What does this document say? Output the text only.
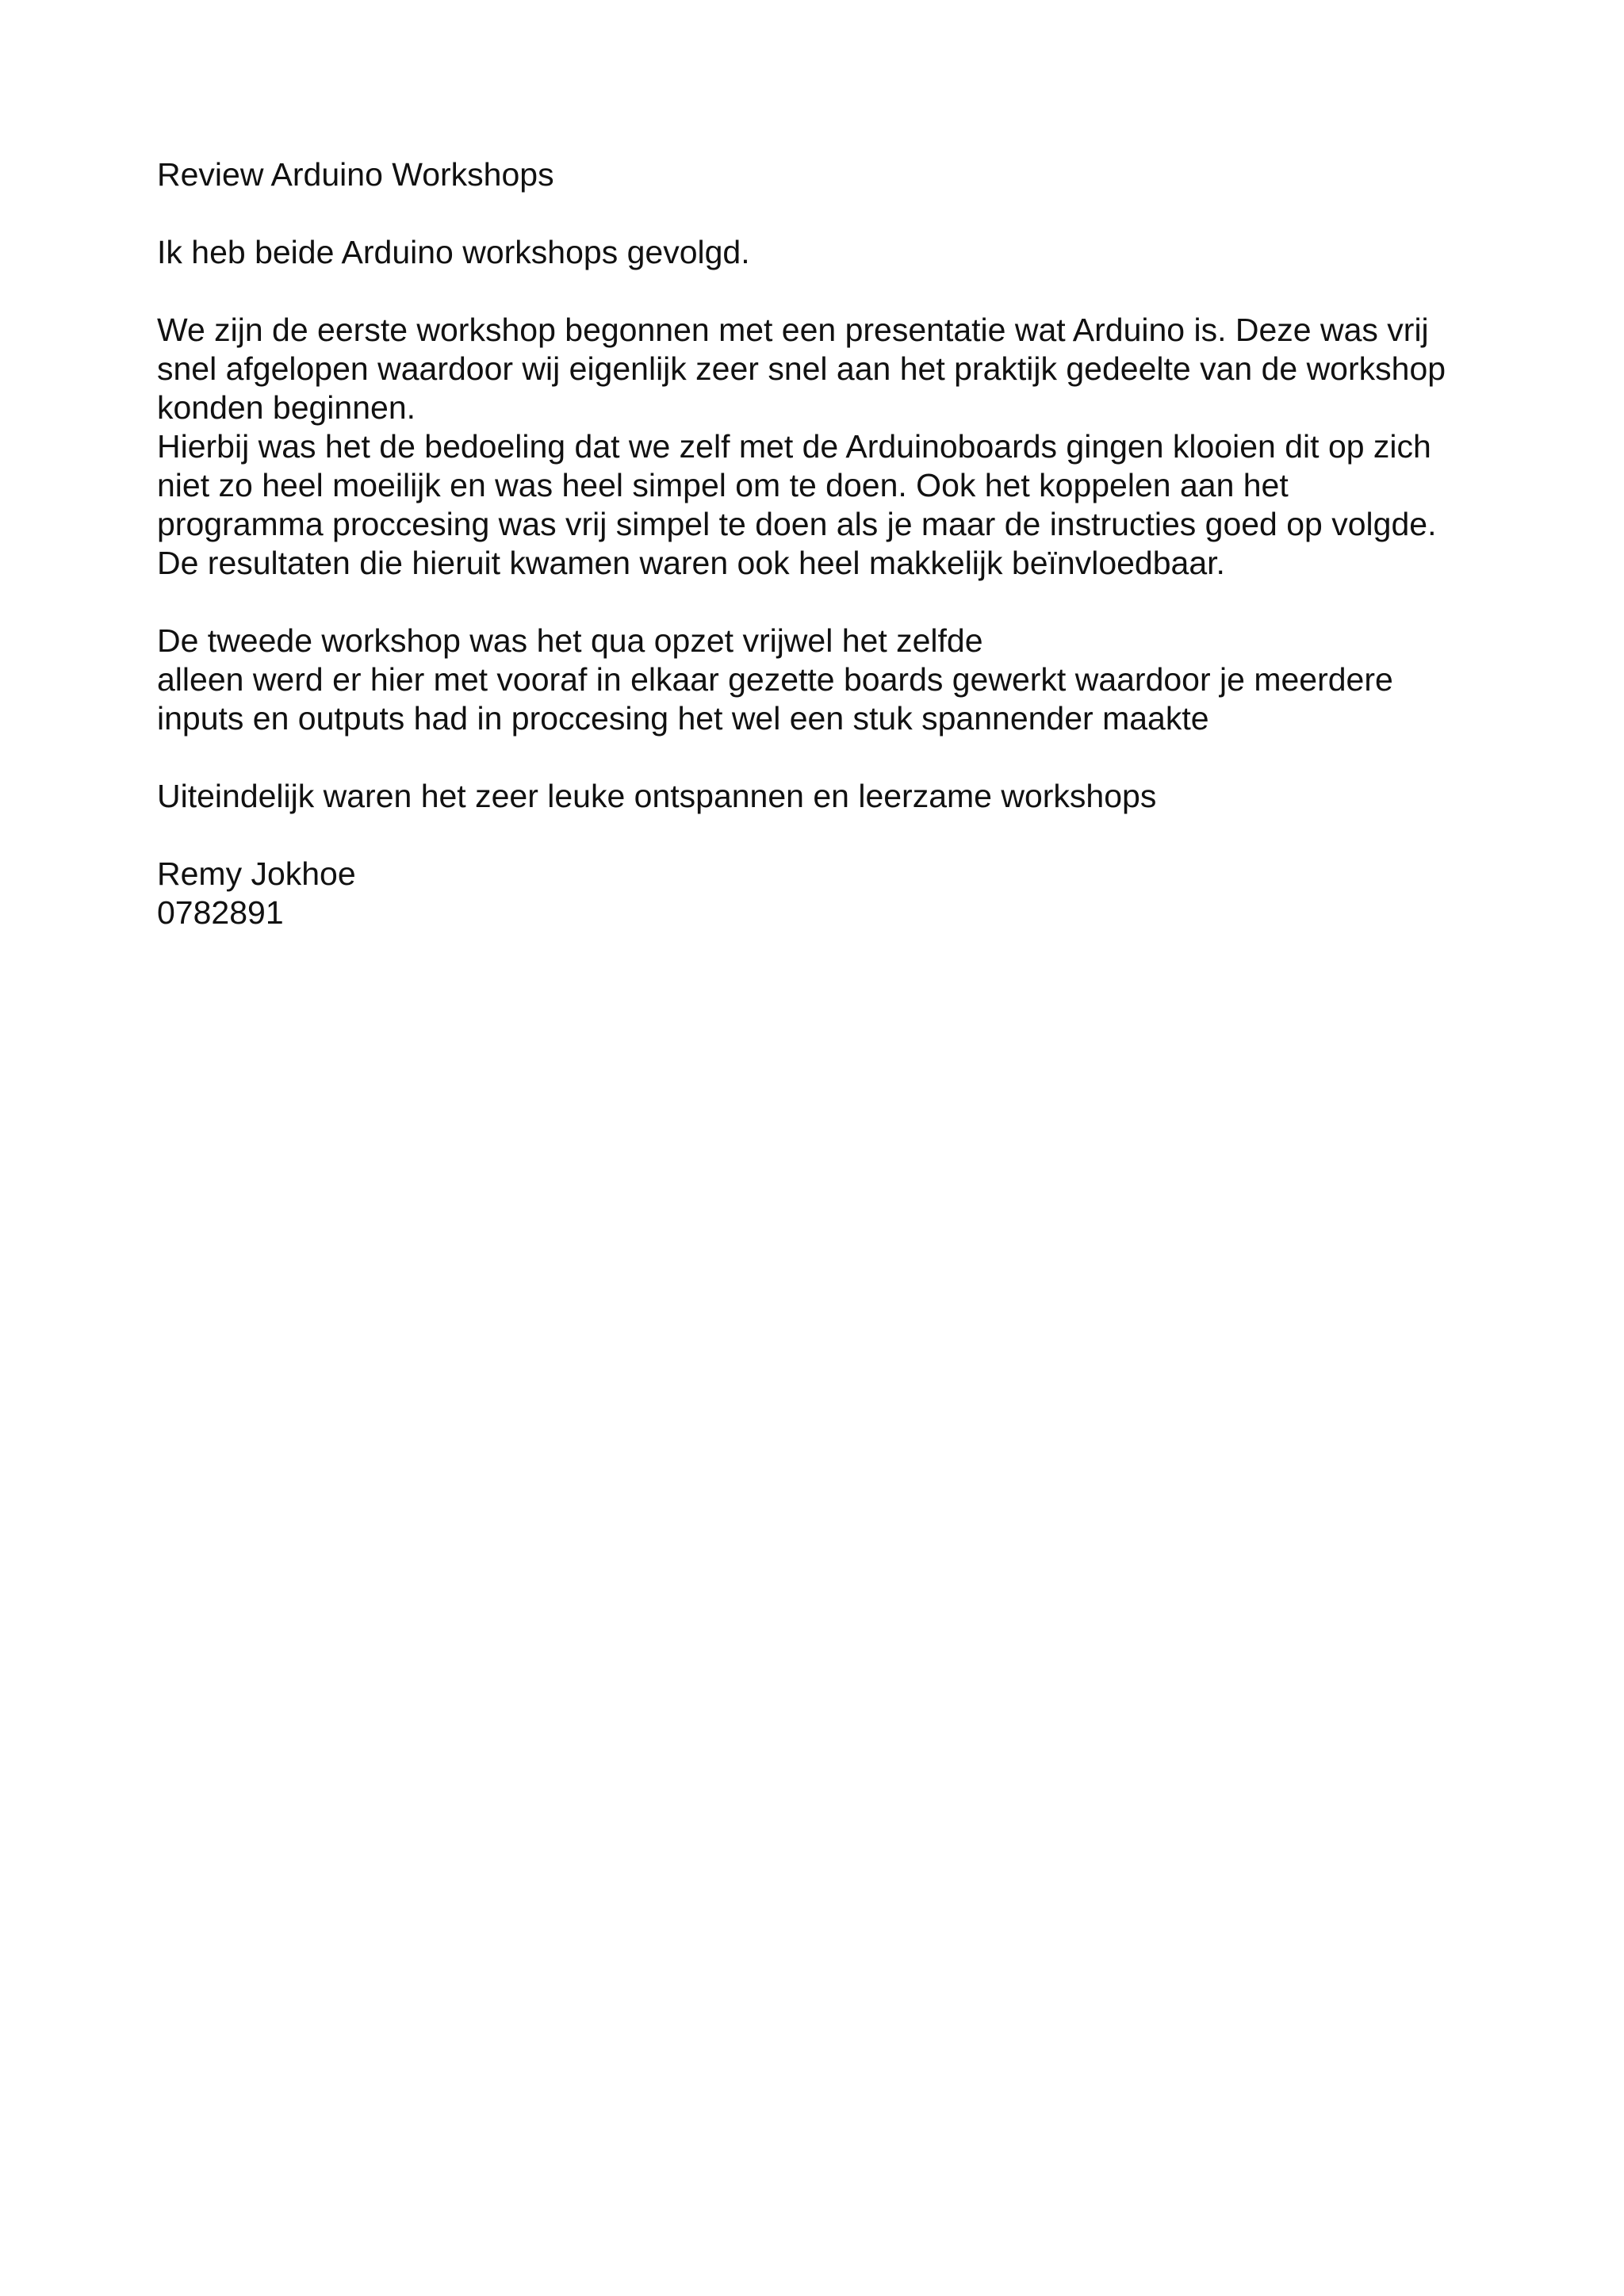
Review Arduino Workshops
Ik heb beide Arduino workshops gevolgd.
We zijn de eerste workshop begonnen met een presentatie wat Arduino is. Deze was vrij
snel afgelopen waardoor wij eigenlijk zeer snel aan het praktijk gedeelte van de workshop
konden beginnen.
Hierbij was het de bedoeling dat we zelf met de Arduinoboards gingen klooien dit op zich
niet zo heel moeilijk en was heel simpel om te doen. Ook het koppelen aan het
programma proccesing was vrij simpel te doen als je maar de instructies goed op volgde.
De resultaten die hieruit kwamen waren ook heel makkelijk beïnvloedbaar.
De tweede workshop was het qua opzet vrijwel het zelfde
alleen werd er hier met vooraf in elkaar gezette boards gewerkt waardoor je meerdere
inputs en outputs had in proccesing het wel een stuk spannender maakte
Uiteindelijk waren het zeer leuke ontspannen en leerzame workshops
Remy Jokhoe
0782891
